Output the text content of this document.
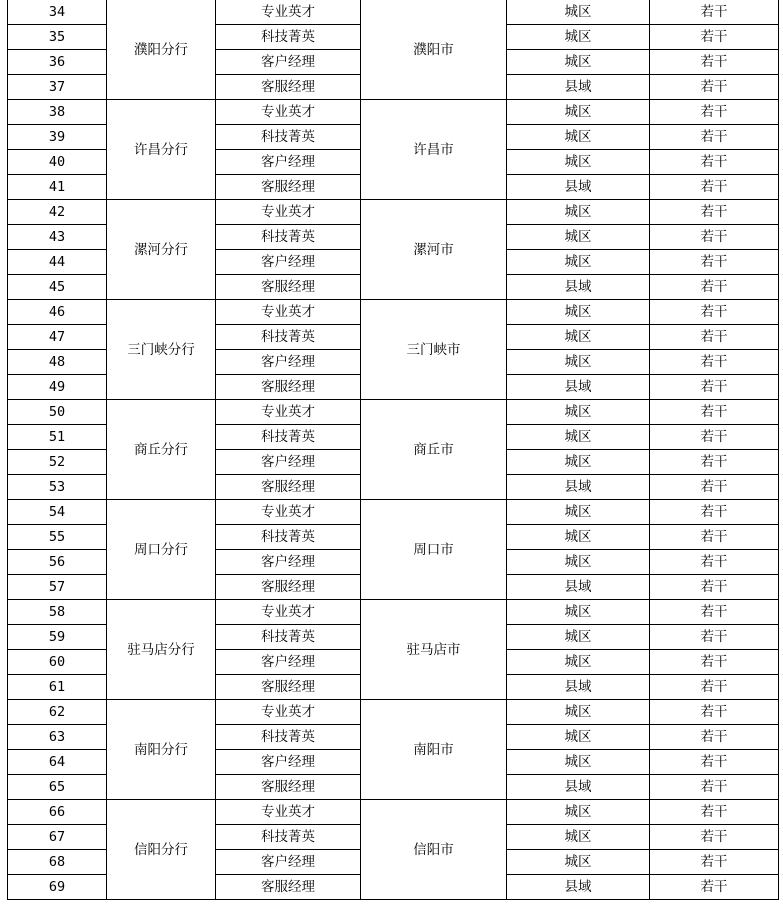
34	濮阳分行	专业英才	濮阳市	城区	若干
35		科技菁英		城区	若干
36		客户经理		城区	若干
37		客服经理		县域	若干
38	许昌分行	专业英才	许昌市	城区	若干
39		科技菁英		城区	若干
40		客户经理		城区	若干
41		客服经理		县域	若干
42	漯河分行	专业英才	漯河市	城区	若干
43		科技菁英		城区	若干
44		客户经理		城区	若干
45		客服经理		县域	若干
46	三门峡分行	专业英才	三门峡市	城区	若干
47		科技菁英		城区	若干
48		客户经理		城区	若干
49		客服经理		县域	若干
50	商丘分行	专业英才	商丘市	城区	若干
51		科技菁英		城区	若干
52		客户经理		城区	若干
53		客服经理		县域	若干
54	周口分行	专业英才	周口市	城区	若干
55		科技菁英		城区	若干
56		客户经理		城区	若干
57		客服经理		县域	若干
58	驻马店分行	专业英才	驻马店市	城区	若干
59		科技菁英		城区	若干
60		客户经理		城区	若干
61		客服经理		县域	若干
62	南阳分行	专业英才	南阳市	城区	若干
63		科技菁英		城区	若干
64		客户经理		城区	若干
65		客服经理		县域	若干
66	信阳分行	专业英才	信阳市	城区	若干
67		科技菁英		城区	若干
68		客户经理		城区	若干
69		客服经理		县域	若干
